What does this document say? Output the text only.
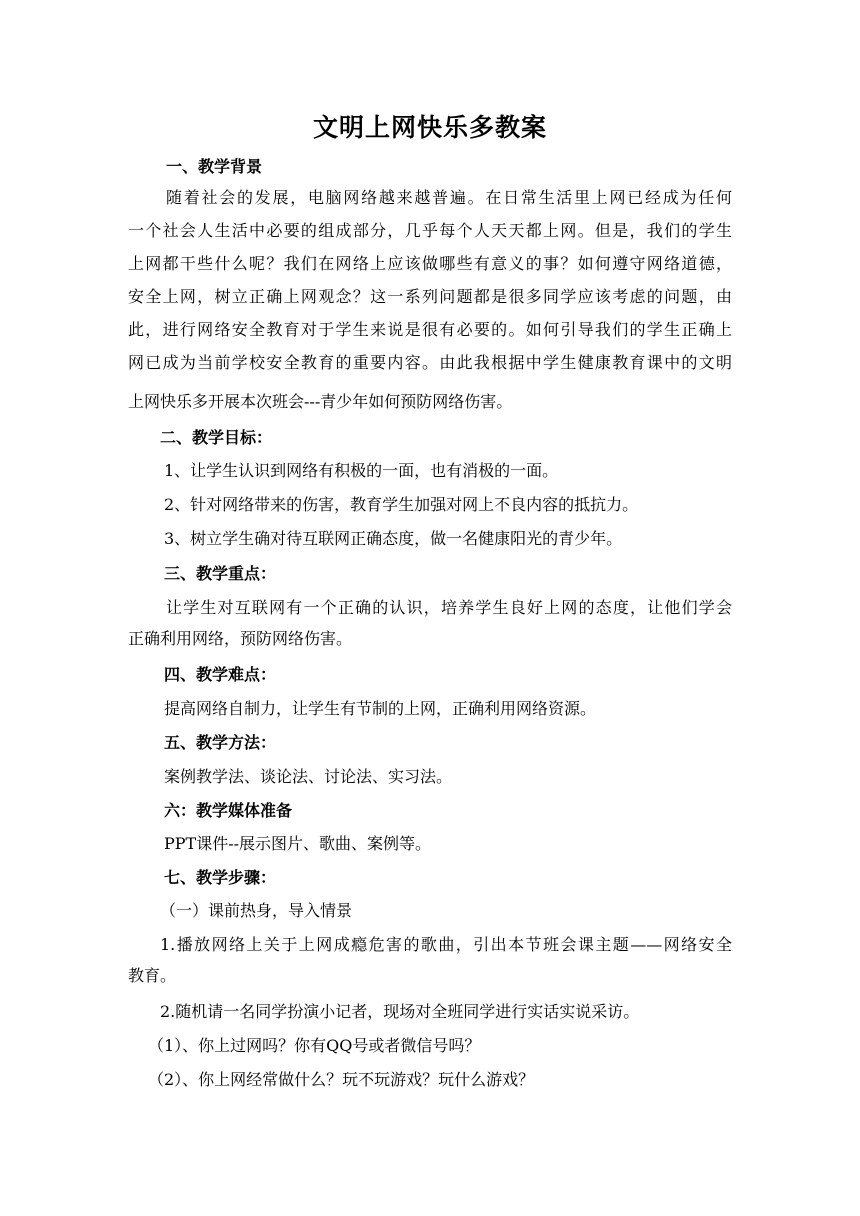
文明上网快乐多教案
一、教学背景
随着社会的发展，电脑网络越来越普遍。在日常生活里上网已经成为任何
一个社会人生活中必要的组成部分，几乎每个人天天都上网。但是，我们的学生
上网都干些什么呢？我们在网络上应该做哪些有意义的事？如何遵守网络道德，
安全上网，树立正确上网观念？这一系列问题都是很多同学应该考虑的问题，由
此，进行网络安全教育对于学生来说是很有必要的。如何引导我们的学生正确上
网已成为当前学校安全教育的重要内容。由此我根据中学生健康教育课中的文明
上网快乐多开展本次班会---青少年如何预防网络伤害。
二、教学目标：
1、让学生认识到网络有积极的一面，也有消极的一面。
2、针对网络带来的伤害，教育学生加强对网上不良内容的抵抗力。
3、树立学生确对待互联网正确态度，做一名健康阳光的青少年。
三、教学重点：
让学生对互联网有一个正确的认识，培养学生良好上网的态度，让他们学会
正确利用网络，预防网络伤害。
四、教学难点：
提高网络自制力，让学生有节制的上网，正确利用网络资源。
五、教学方法：
案例教学法、谈论法、讨论法、实习法。
六：教学媒体准备
PPT课件--展示图片、歌曲、案例等。
七、教学步骤：
（一）课前热身，导入情景
1.播放网络上关于上网成瘾危害的歌曲，引出本节班会课主题——网络安全
教育。
2.随机请一名同学扮演小记者，现场对全班同学进行实话实说采访。
（1）、你上过网吗？你有QQ号或者微信号吗？
（2）、你上网经常做什么？玩不玩游戏？玩什么游戏？
